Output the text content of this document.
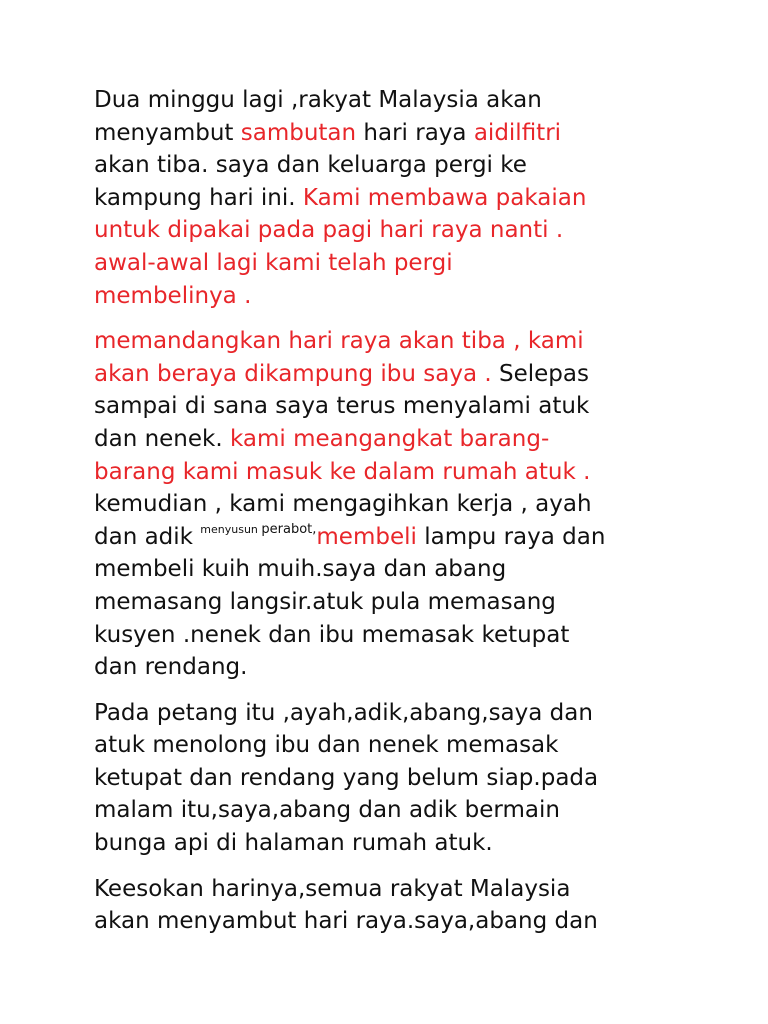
Dua minggu lagi ,rakyat Malaysia akan
menyambut sambutan hari raya aidilfitri
akan tiba. saya dan keluarga pergi ke
kampung hari ini. Kami membawa pakaian
untuk dipakai pada pagi hari raya nanti .
awal-awal lagi kami telah pergi
membelinya .
memandangkan hari raya akan tiba , kami
akan beraya dikampung ibu saya . Selepas
sampai di sana saya terus menyalami atuk
dan nenek. kami meangangkat barang-
barang kami masuk ke dalam rumah atuk .
kemudian , kami mengagihkan kerja , ayah
dan adik $^{menyusun}$ $^{perabot,}$membeli lampu raya dan
membeli kuih muih.saya dan abang
memasang langsir.atuk pula memasang
kusyen .nenek dan ibu memasak ketupat
dan rendang.
Pada petang itu ,ayah,adik,abang,saya dan
atuk menolong ibu dan nenek memasak
ketupat dan rendang yang belum siap.pada
malam itu,saya,abang dan adik bermain
bunga api di halaman rumah atuk.
Keesokan harinya,semua rakyat Malaysia
akan menyambut hari raya.saya,abang dan
